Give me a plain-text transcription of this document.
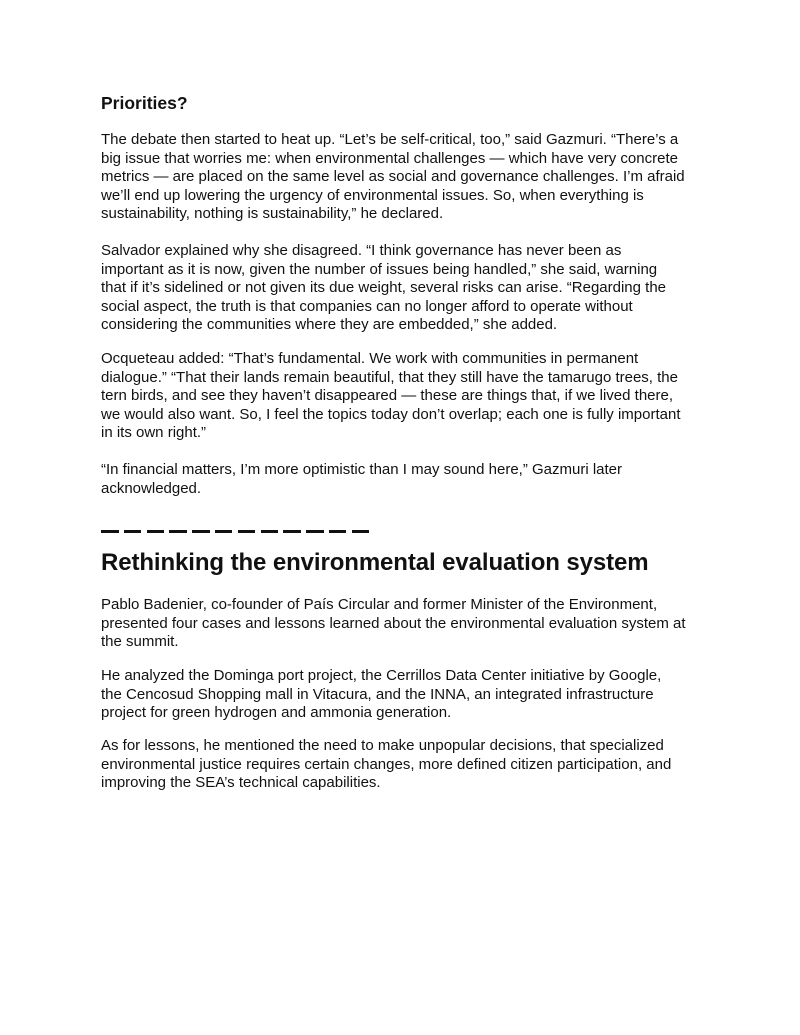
Priorities?

The debate then started to heat up. “Let’s be self-critical, too,” said Gazmuri. “There’s a
big issue that worries me: when environmental challenges — which have very concrete
metrics — are placed on the same level as social and governance challenges. I’m afraid
we’ll end up lowering the urgency of environmental issues. So, when everything is
sustainability, nothing is sustainability,” he declared.

Salvador explained why she disagreed. “I think governance has never been as
important as it is now, given the number of issues being handled,” she said, warning
that if it’s sidelined or not given its due weight, several risks can arise. “Regarding the
social aspect, the truth is that companies can no longer afford to operate without
considering the communities where they are embedded,” she added.

Ocqueteau added: “That’s fundamental. We work with communities in permanent
dialogue.” “That their lands remain beautiful, that they still have the tamarugo trees, the
tern birds, and see they haven’t disappeared — these are things that, if we lived there,
we would also want. So, I feel the topics today don’t overlap; each one is fully important
in its own right.”

“In financial matters, I’m more optimistic than I may sound here,” Gazmuri later
acknowledged.

Rethinking the environmental evaluation system

Pablo Badenier, co-founder of País Circular and former Minister of the Environment,
presented four cases and lessons learned about the environmental evaluation system at
the summit.

He analyzed the Dominga port project, the Cerrillos Data Center initiative by Google,
the Cencosud Shopping mall in Vitacura, and the INNA, an integrated infrastructure
project for green hydrogen and ammonia generation.

As for lessons, he mentioned the need to make unpopular decisions, that specialized
environmental justice requires certain changes, more defined citizen participation, and
improving the SEA’s technical capabilities.
